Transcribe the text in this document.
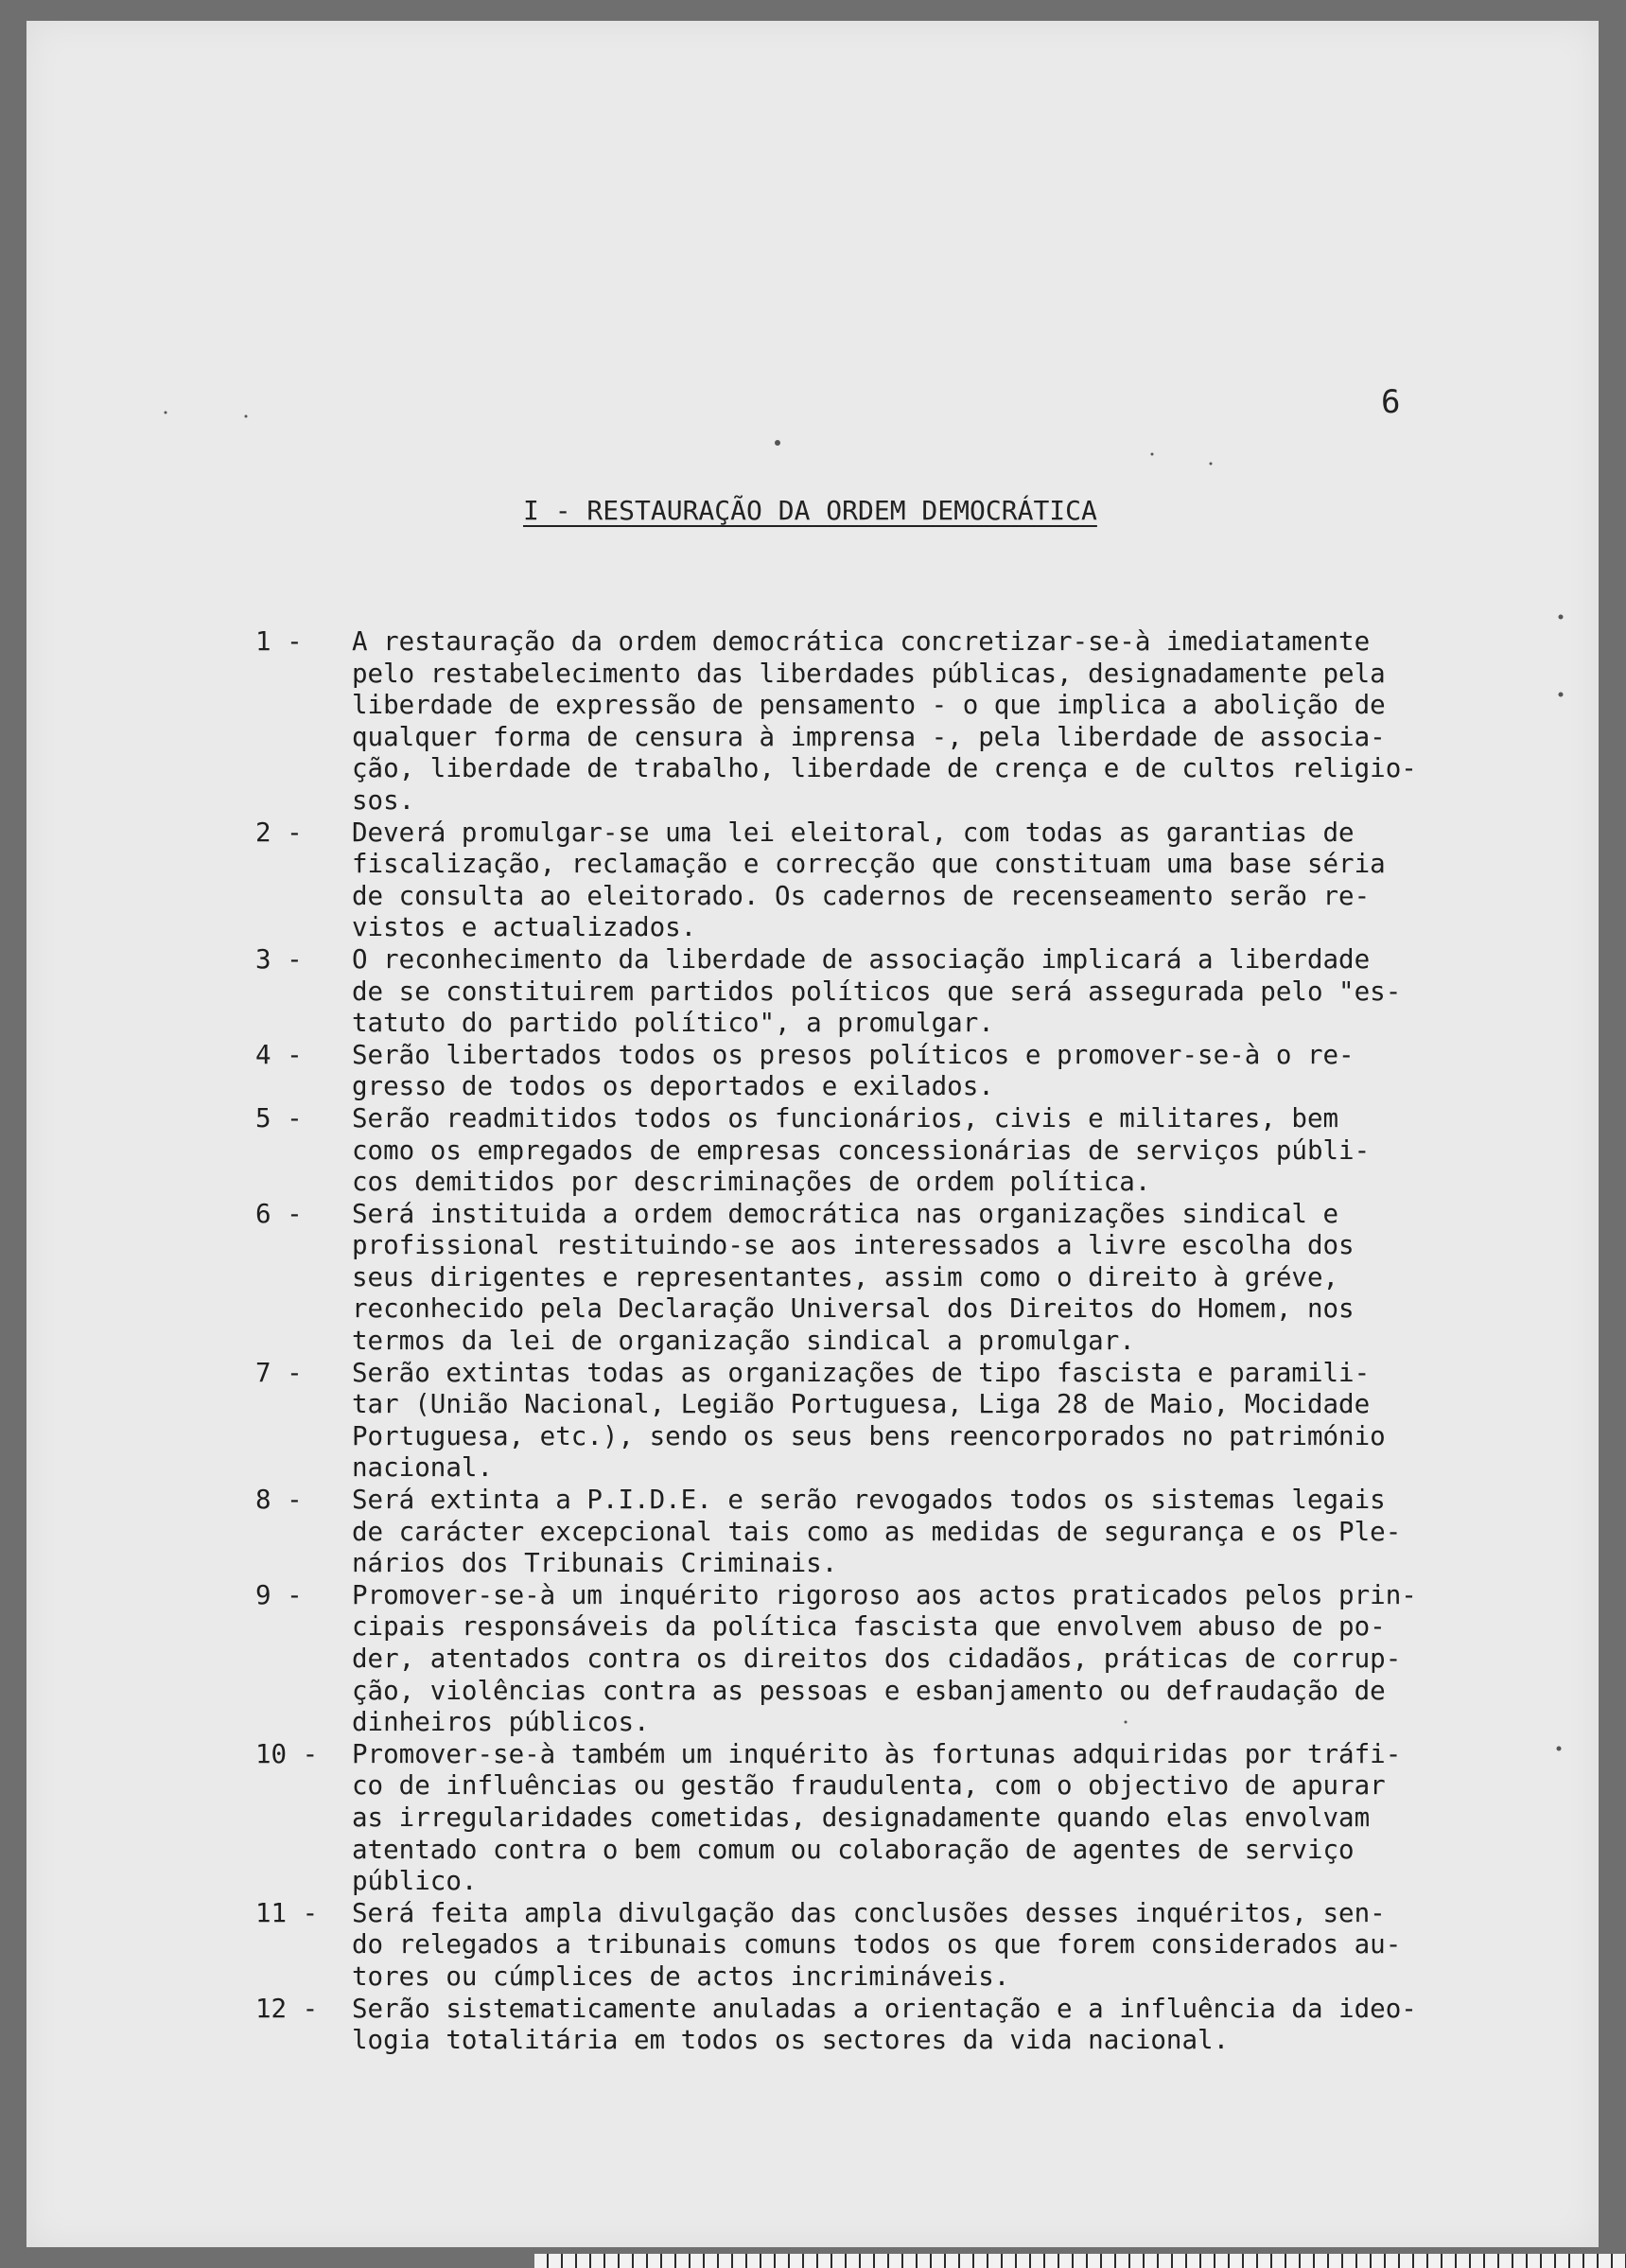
6
I - RESTAURAÇÃO DA ORDEM DEMOCRÁTICA
1 -	A restauração da ordem democrática concretizar-se-à imediatamente
pelo restabelecimento das liberdades públicas, designadamente pela
liberdade de expressão de pensamento - o que implica a abolição de
qualquer forma de censura à imprensa -, pela liberdade de associa-
ção, liberdade de trabalho, liberdade de crença e de cultos religio-
sos.
2 -	Deverá promulgar-se uma lei eleitoral, com todas as garantias de
fiscalização, reclamação e correcção que constituam uma base séria
de consulta ao eleitorado. Os cadernos de recenseamento serão re-
vistos e actualizados.
3 -	O reconhecimento da liberdade de associação implicará a liberdade
de se constituirem partidos políticos que será assegurada pelo "es-
tatuto do partido político", a promulgar.
4 -	Serão libertados todos os presos políticos e promover-se-à o re-
gresso de todos os deportados e exilados.
5 -	Serão readmitidos todos os funcionários, civis e militares, bem
como os empregados de empresas concessionárias de serviços públi-
cos demitidos por descriminações de ordem política.
6 -	Será instituida a ordem democrática nas organizações sindical e
profissional restituindo-se aos interessados a livre escolha dos
seus dirigentes e representantes, assim como o direito à gréve,
reconhecido pela Declaração Universal dos Direitos do Homem, nos
termos da lei de organização sindical a promulgar.
7 -	Serão extintas todas as organizações de tipo fascista e paramili-
tar (União Nacional, Legião Portuguesa, Liga 28 de Maio, Mocidade
Portuguesa, etc.), sendo os seus bens reencorporados no património
nacional.
8 -	Será extinta a P.I.D.E. e serão revogados todos os sistemas legais
de carácter excepcional tais como as medidas de segurança e os Ple-
nários dos Tribunais Criminais.
9 -	Promover-se-à um inquérito rigoroso aos actos praticados pelos prin-
cipais responsáveis da política fascista que envolvem abuso de po-
der, atentados contra os direitos dos cidadãos, práticas de corrup-
ção, violências contra as pessoas e esbanjamento ou defraudação de
dinheiros públicos.
10 -	Promover-se-à também um inquérito às fortunas adquiridas por tráfi-
co de influências ou gestão fraudulenta, com o objectivo de apurar
as irregularidades cometidas, designadamente quando elas envolvam
atentado contra o bem comum ou colaboração de agentes de serviço
público.
11 -	Será feita ampla divulgação das conclusões desses inquéritos, sen-
do relegados a tribunais comuns todos os que forem considerados au-
tores ou cúmplices de actos incrimináveis.
12 -	Serão sistematicamente anuladas a orientação e a influência da ideo-
logia totalitária em todos os sectores da vida nacional.
